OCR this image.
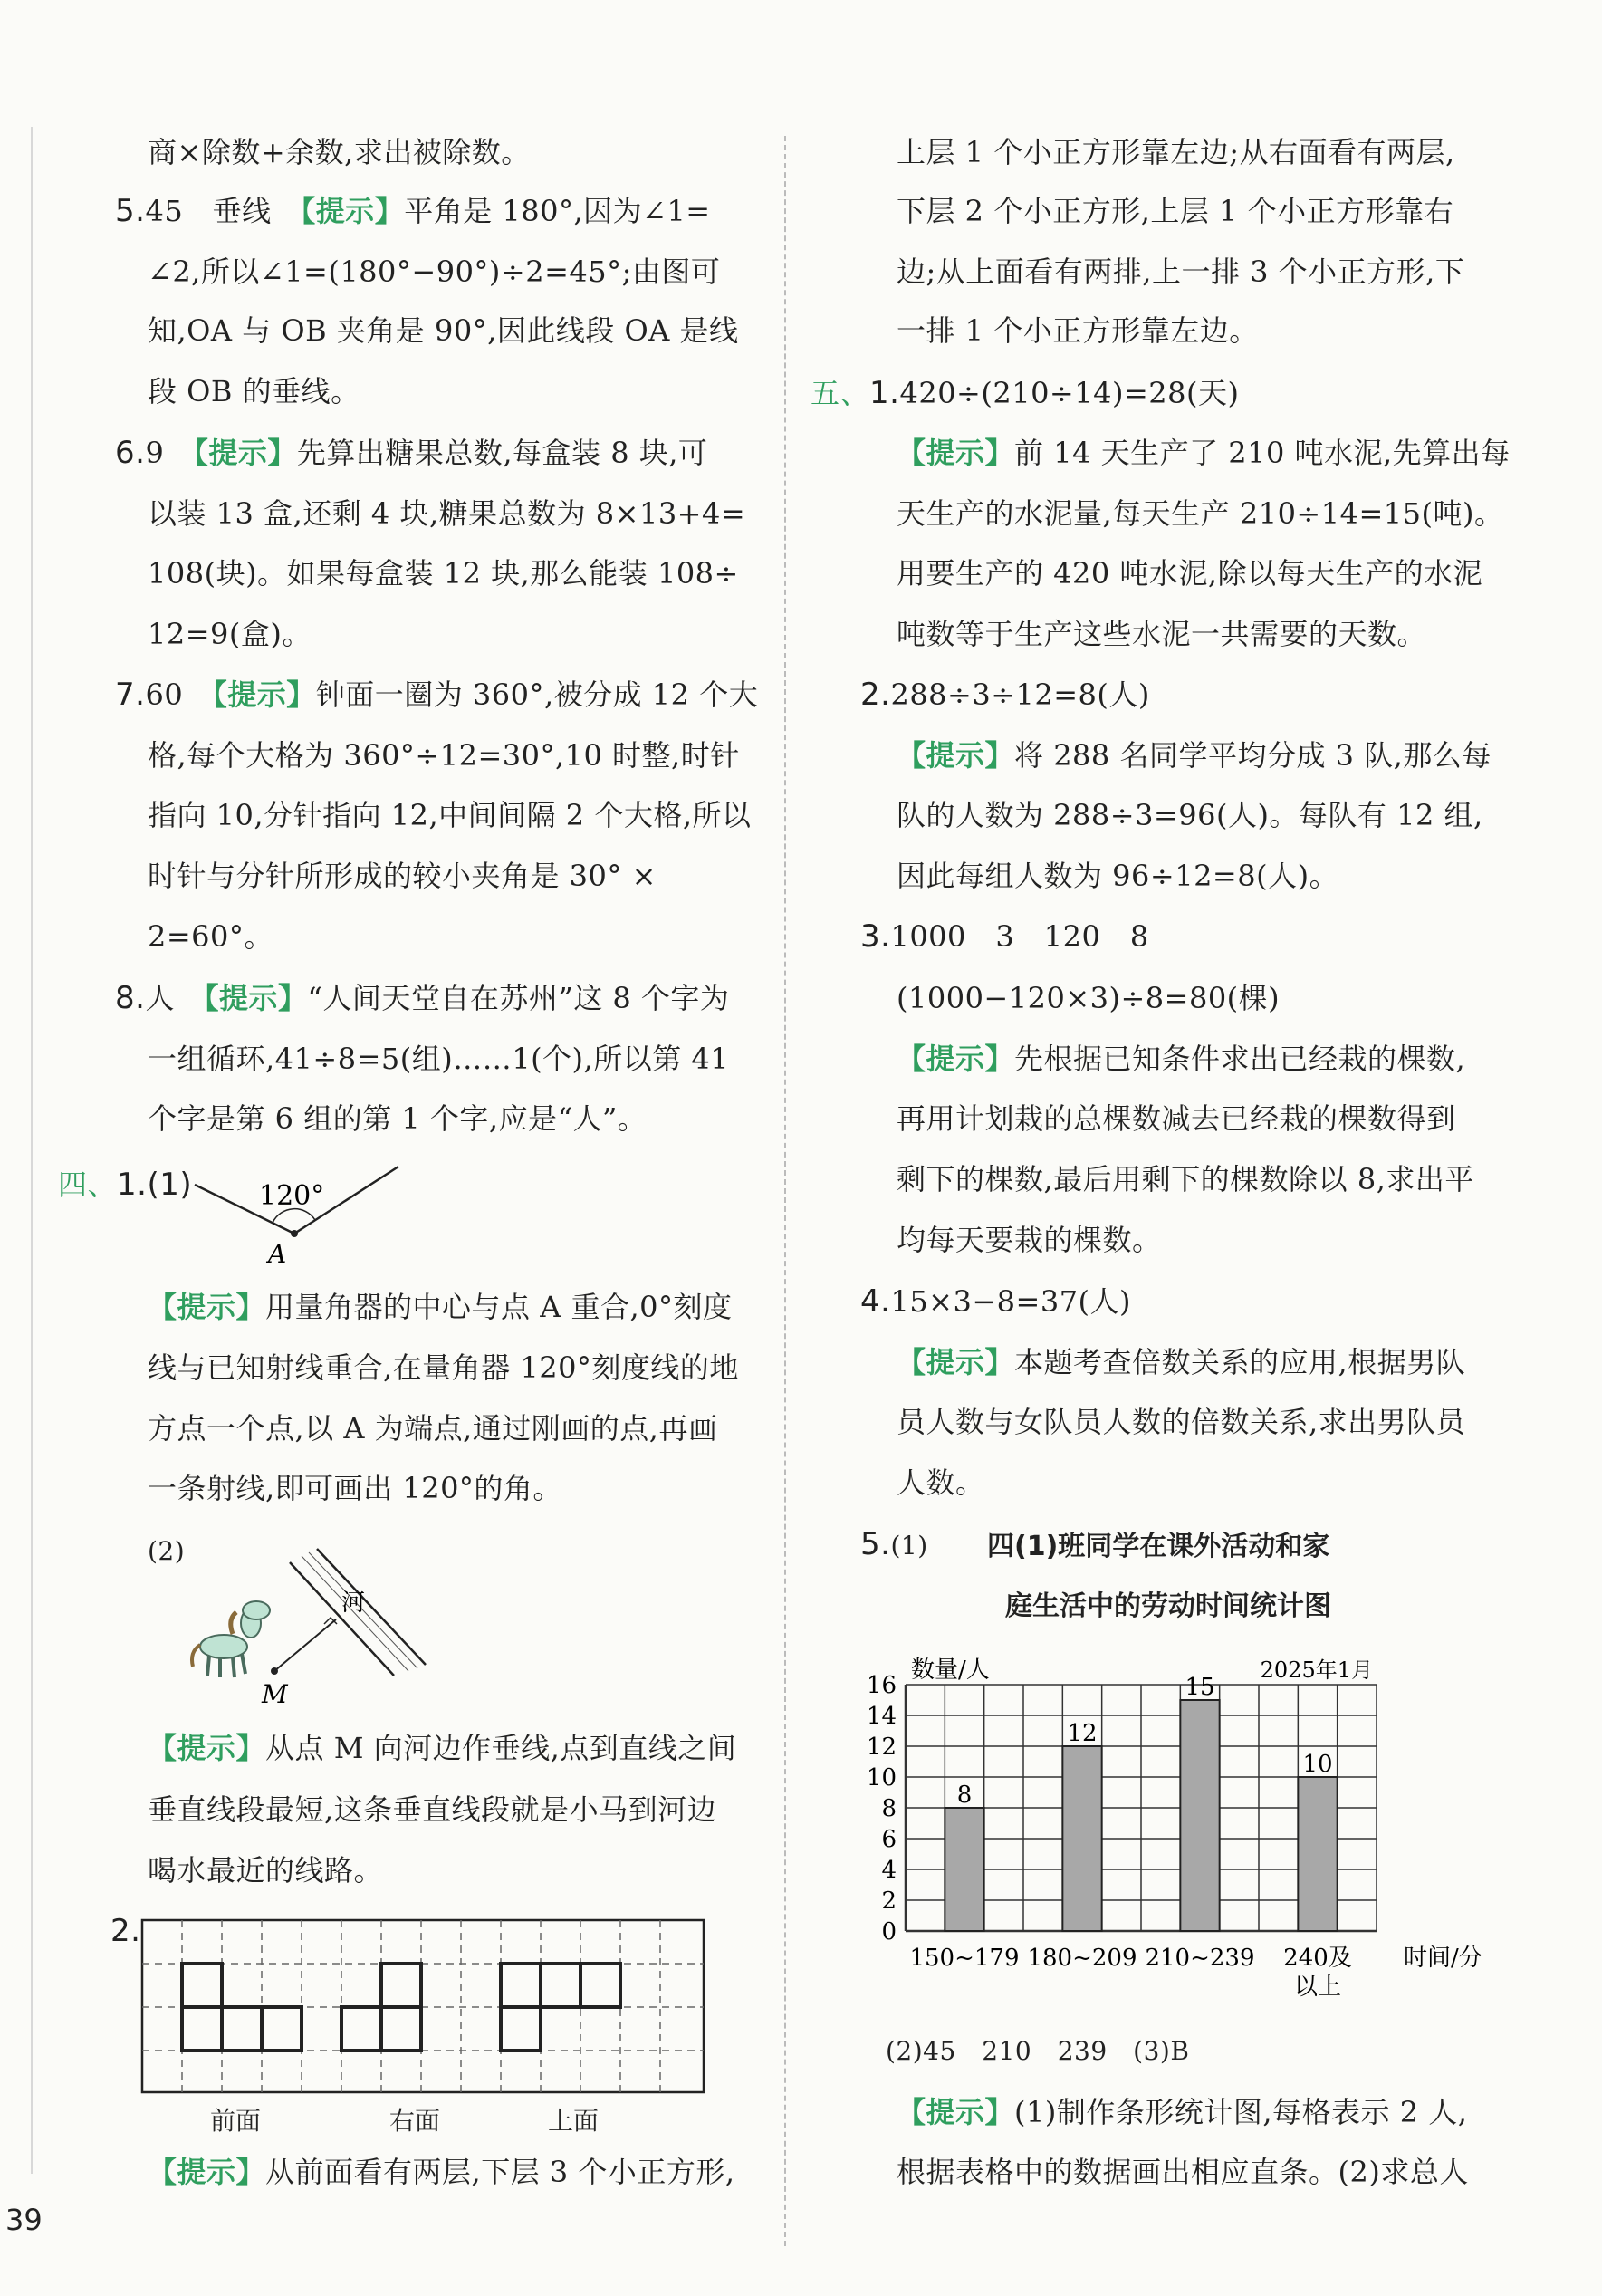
商×除数+余数,求出被除数。
5.45　垂线　【提示】平角是 180°,因为∠1=
∠2,所以∠1=(180°−90°)÷2=45°;由图可
知,OA 与 OB 夹角是 90°,因此线段 OA 是线
段 OB 的垂线。
6.9　【提示】先算出糖果总数,每盒装 8 块,可
以装 13 盒,还剩 4 块,糖果总数为 8×13+4=
108(块)。如果每盒装 12 块,那么能装 108÷
12=9(盒)。
7.60　【提示】钟面一圈为 360°,被分成 12 个大
格,每个大格为 360°÷12=30°,10 时整,时针
指向 10,分针指向 12,中间间隔 2 个大格,所以
时针与分针所形成的较小夹角是 30° ×
2=60°。
8.人　【提示】“人间天堂自在苏州”这 8 个字为
一组循环,41÷8=5(组)……1(个),所以第 41
个字是第 6 组的第 1 个字,应是“人”。
四、1.(1) 120°
A
【提示】用量角器的中心与点 A 重合,0°刻度
线与已知射线重合,在量角器 120°刻度线的地
方点一个点,以 A 为端点,通过刚画的点,再画
一条射线,即可画出 120°的角。
(2)
河
M
【提示】从点 M 向河边作垂线,点到直线之间
垂直线段最短,这条垂直线段就是小马到河边
喝水最近的线路。
2.
前面	右面	上面
【提示】从前面看有两层,下层 3 个小正方形,
上层 1 个小正方形靠左边;从右面看有两层,
下层 2 个小正方形,上层 1 个小正方形靠右
边;从上面看有两排,上一排 3 个小正方形,下
一排 1 个小正方形靠左边。
五、1.420÷(210÷14)=28(天)
【提示】前 14 天生产了 210 吨水泥,先算出每
天生产的水泥量,每天生产 210÷14=15(吨)。
用要生产的 420 吨水泥,除以每天生产的水泥
吨数等于生产这些水泥一共需要的天数。
2.288÷3÷12=8(人)
【提示】将 288 名同学平均分成 3 队,那么每
队的人数为 288÷3=96(人)。每队有 12 组,
因此每组人数为 96÷12=8(人)。
3.1000　3　120　8
(1000−120×3)÷8=80(棵)
【提示】先根据已知条件求出已经栽的棵数,
再用计划栽的总棵数减去已经栽的棵数得到
剩下的棵数,最后用剩下的棵数除以 8,求出平
均每天要栽的棵数。
4.15×3−8=37(人)
【提示】本题考查倍数关系的应用,根据男队
员人数与女队员人数的倍数关系,求出男队员
人数。
5.(1) 四(1)班同学在课外活动和家
庭生活中的劳动时间统计图
0
2
4
6
8
10
12
14
16
8
150~179
12
180~209
15
210~239
10
240及
以上
数量/人	2025年1月
时间/分
(2)45　210　239　(3)B
【提示】(1)制作条形统计图,每格表示 2 人,
根据表格中的数据画出相应直条。(2)求总人
39
